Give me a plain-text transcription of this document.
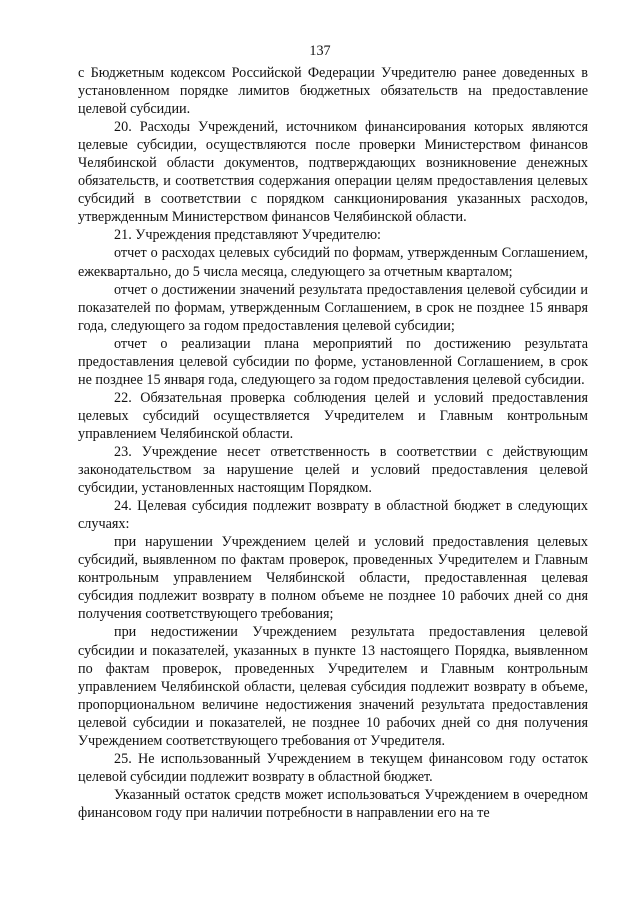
137

с Бюджетным кодексом Российской Федерации Учредителю ранее доведенных в установленном порядке лимитов бюджетных обязательств на предоставление целевой субсидии.

20. Расходы Учреждений, источником финансирования которых являются целевые субсидии, осуществляются после проверки Министерством финансов Челябинской области документов, подтверждающих возникновение денежных обязательств, и соответствия содержания операции целям предоставления целевых субсидий в соответствии с порядком санкционирования указанных расходов, утвержденным Министерством финансов Челябинской области.

21. Учреждения представляют Учредителю:

отчет о расходах целевых субсидий по формам, утвержденным Соглашением, ежеквартально, до 5 числа месяца, следующего за отчетным кварталом;

отчет о достижении значений результата предоставления целевой субсидии и показателей по формам, утвержденным Соглашением, в срок не позднее 15 января года, следующего за годом предоставления целевой субсидии;

отчет о реализации плана мероприятий по достижению результата предоставления целевой субсидии по форме, установленной Соглашением, в срок не позднее 15 января года, следующего за годом предоставления целевой субсидии.

22. Обязательная проверка соблюдения целей и условий предоставления целевых субсидий осуществляется Учредителем и Главным контрольным управлением Челябинской области.

23. Учреждение несет ответственность в соответствии с действующим законодательством за нарушение целей и условий предоставления целевой субсидии, установленных настоящим Порядком.

24. Целевая субсидия подлежит возврату в областной бюджет в следующих случаях:

при нарушении Учреждением целей и условий предоставления целевых субсидий, выявленном по фактам проверок, проведенных Учредителем и Главным контрольным управлением Челябинской области, предоставленная целевая субсидия подлежит возврату в полном объеме не позднее 10 рабочих дней со дня получения соответствующего требования;

при недостижении Учреждением результата предоставления целевой субсидии и показателей, указанных в пункте 13 настоящего Порядка, выявленном по фактам проверок, проведенных Учредителем и Главным контрольным управлением Челябинской области, целевая субсидия подлежит возврату в объеме, пропорциональном величине недостижения значений результата предоставления целевой субсидии и показателей, не позднее 10 рабочих дней со дня получения Учреждением соответствующего требования от Учредителя.

25. Не использованный Учреждением в текущем финансовом году остаток целевой субсидии подлежит возврату в областной бюджет.

Указанный остаток средств может использоваться Учреждением в очередном финансовом году при наличии потребности в направлении его на те
